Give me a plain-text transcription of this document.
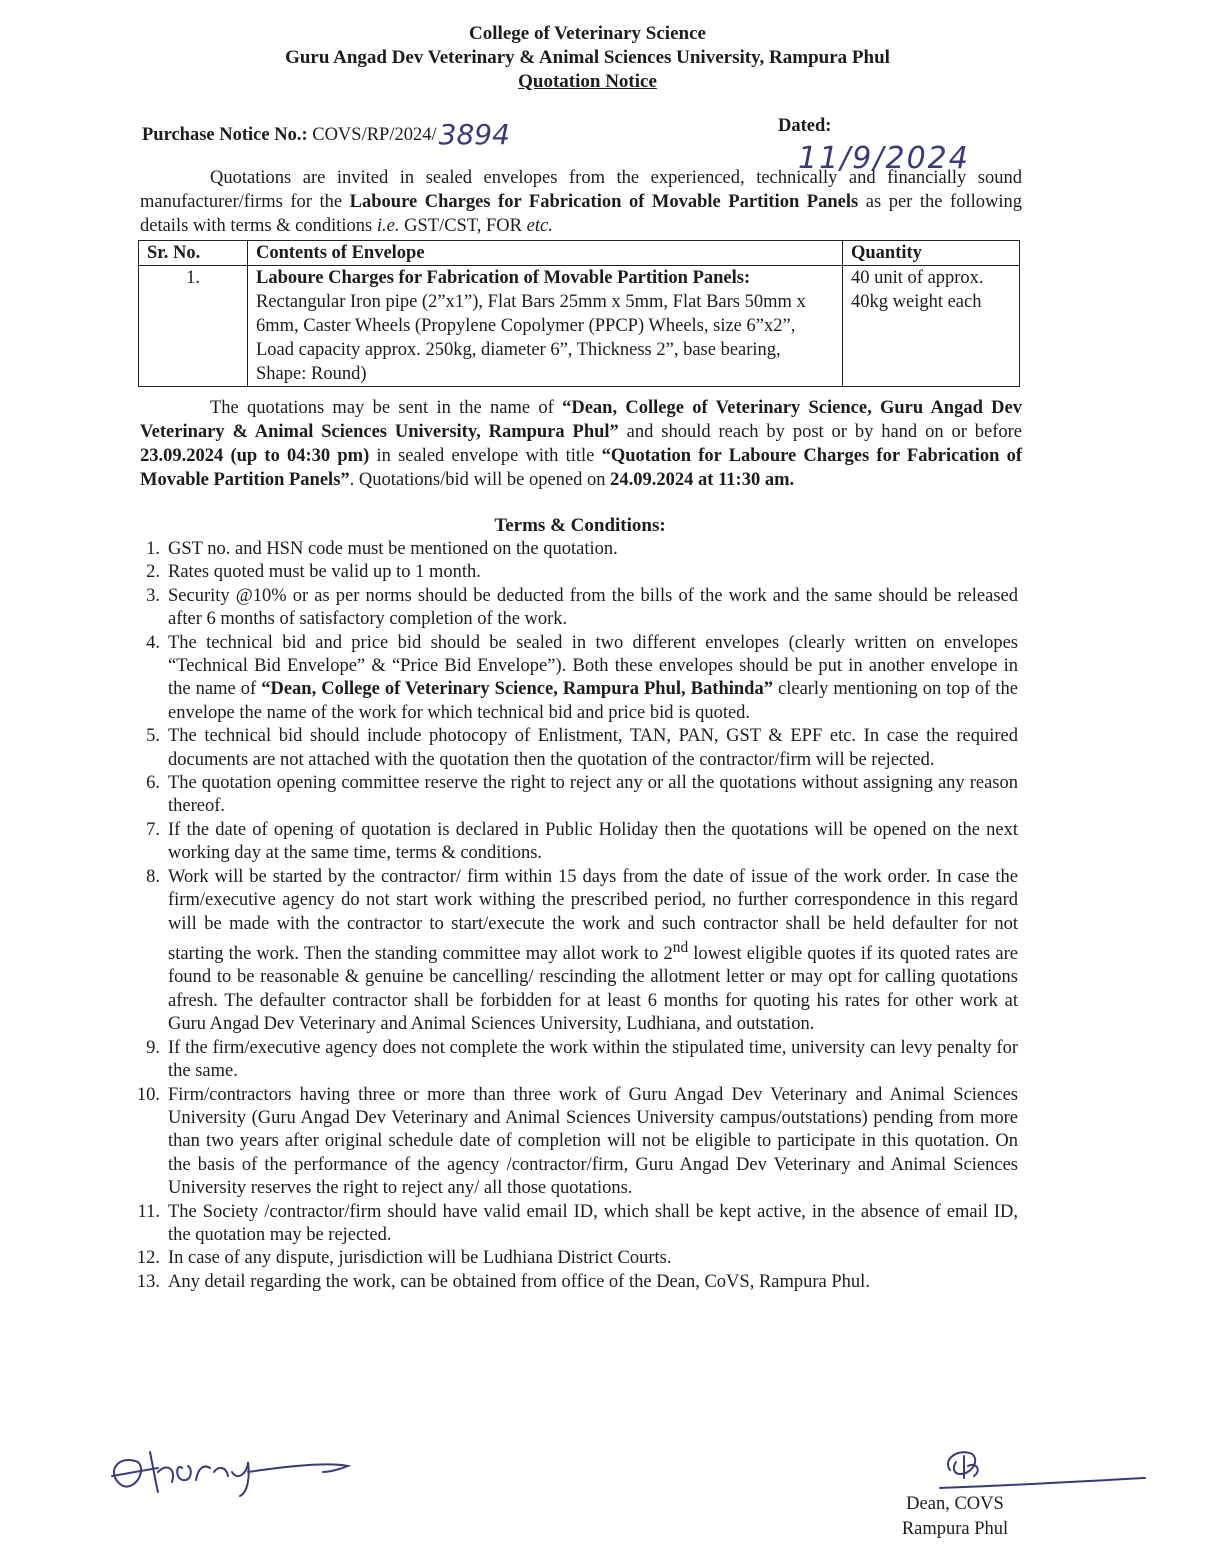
College of Veterinary Science
Guru Angad Dev Veterinary & Animal Sciences University, Rampura Phul
Quotation Notice
Purchase Notice No.: COVS/RP/2024/3894	Dated: 11/9/2024
Quotations are invited in sealed envelopes from the experienced, technically and financially sound manufacturer/firms for the Laboure Charges for Fabrication of Movable Partition Panels as per the following details with terms & conditions i.e. GST/CST, FOR etc.
Sr. No.	Contents of Envelope	Quantity
1.	Laboure Charges for Fabrication of Movable Partition Panels:
Rectangular Iron pipe (2”x1”), Flat Bars 25mm x 5mm, Flat Bars 50mm x 6mm, Caster Wheels (Propylene Copolymer (PPCP) Wheels, size 6”x2”, Load capacity approx. 250kg, diameter 6”, Thickness 2”, base bearing, Shape: Round)	40 unit of approx. 40kg weight each
The quotations may be sent in the name of “Dean, College of Veterinary Science, Guru Angad Dev Veterinary & Animal Sciences University, Rampura Phul” and should reach by post or by hand on or before 23.09.2024 (up to 04:30 pm) in sealed envelope with title “Quotation for Laboure Charges for Fabrication of Movable Partition Panels”. Quotations/bid will be opened on 24.09.2024 at 11:30 am.
Terms & Conditions:
1. GST no. and HSN code must be mentioned on the quotation.
2. Rates quoted must be valid up to 1 month.
3. Security @10% or as per norms should be deducted from the bills of the work and the same should be released after 6 months of satisfactory completion of the work.
4. The technical bid and price bid should be sealed in two different envelopes (clearly written on envelopes “Technical Bid Envelope” & “Price Bid Envelope”). Both these envelopes should be put in another envelope in the name of “Dean, College of Veterinary Science, Rampura Phul, Bathinda” clearly mentioning on top of the envelope the name of the work for which technical bid and price bid is quoted.
5. The technical bid should include photocopy of Enlistment, TAN, PAN, GST & EPF etc. In case the required documents are not attached with the quotation then the quotation of the contractor/firm will be rejected.
6. The quotation opening committee reserve the right to reject any or all the quotations without assigning any reason thereof.
7. If the date of opening of quotation is declared in Public Holiday then the quotations will be opened on the next working day at the same time, terms & conditions.
8. Work will be started by the contractor/ firm within 15 days from the date of issue of the work order. In case the firm/executive agency do not start work withing the prescribed period, no further correspondence in this regard will be made with the contractor to start/execute the work and such contractor shall be held defaulter for not starting the work. Then the standing committee may allot work to 2nd lowest eligible quotes if its quoted rates are found to be reasonable & genuine be cancelling/ rescinding the allotment letter or may opt for calling quotations afresh. The defaulter contractor shall be forbidden for at least 6 months for quoting his rates for other work at Guru Angad Dev Veterinary and Animal Sciences University, Ludhiana, and outstation.
9. If the firm/executive agency does not complete the work within the stipulated time, university can levy penalty for the same.
10. Firm/contractors having three or more than three work of Guru Angad Dev Veterinary and Animal Sciences University (Guru Angad Dev Veterinary and Animal Sciences University campus/outstations) pending from more than two years after original schedule date of completion will not be eligible to participate in this quotation. On the basis of the performance of the agency /contractor/firm, Guru Angad Dev Veterinary and Animal Sciences University reserves the right to reject any/ all those quotations.
11. The Society /contractor/firm should have valid email ID, which shall be kept active, in the absence of email ID, the quotation may be rejected.
12. In case of any dispute, jurisdiction will be Ludhiana District Courts.
13. Any detail regarding the work, can be obtained from office of the Dean, CoVS, Rampura Phul.
Dean, COVS
Rampura Phul
